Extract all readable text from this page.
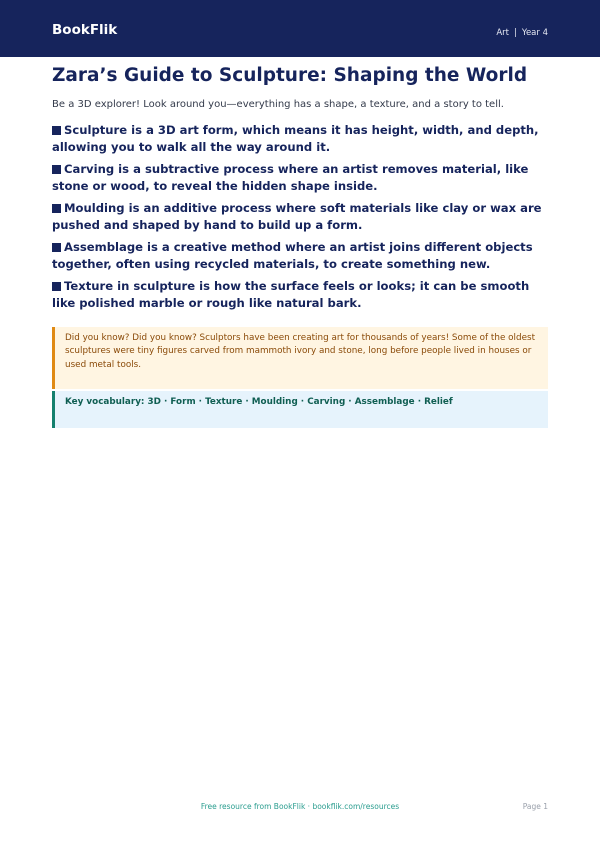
BookFlik	Art | Year 4
Zara’s Guide to Sculpture: Shaping the World

Be a 3D explorer! Look around you—everything has a shape, a texture, and a story to tell.

Sculpture is a 3D art form, which means it has height, width, and depth, allowing you to walk all the way around it.
Carving is a subtractive process where an artist removes material, like stone or wood, to reveal the hidden shape inside.
Moulding is an additive process where soft materials like clay or wax are pushed and shaped by hand to build up a form.
Assemblage is a creative method where an artist joins different objects together, often using recycled materials, to create something new.
Texture in sculpture is how the surface feels or looks; it can be smooth like polished marble or rough like natural bark.
Did you know? Did you know? Sculptors have been creating art for thousands of years! Some of the oldest sculptures were tiny figures carved from mammoth ivory and stone, long before people lived in houses or used metal tools.
Key vocabulary: 3D · Form · Texture · Moulding · Carving · Assemblage · Relief
Free resource from BookFlik · bookflik.com/resources	Page 1
